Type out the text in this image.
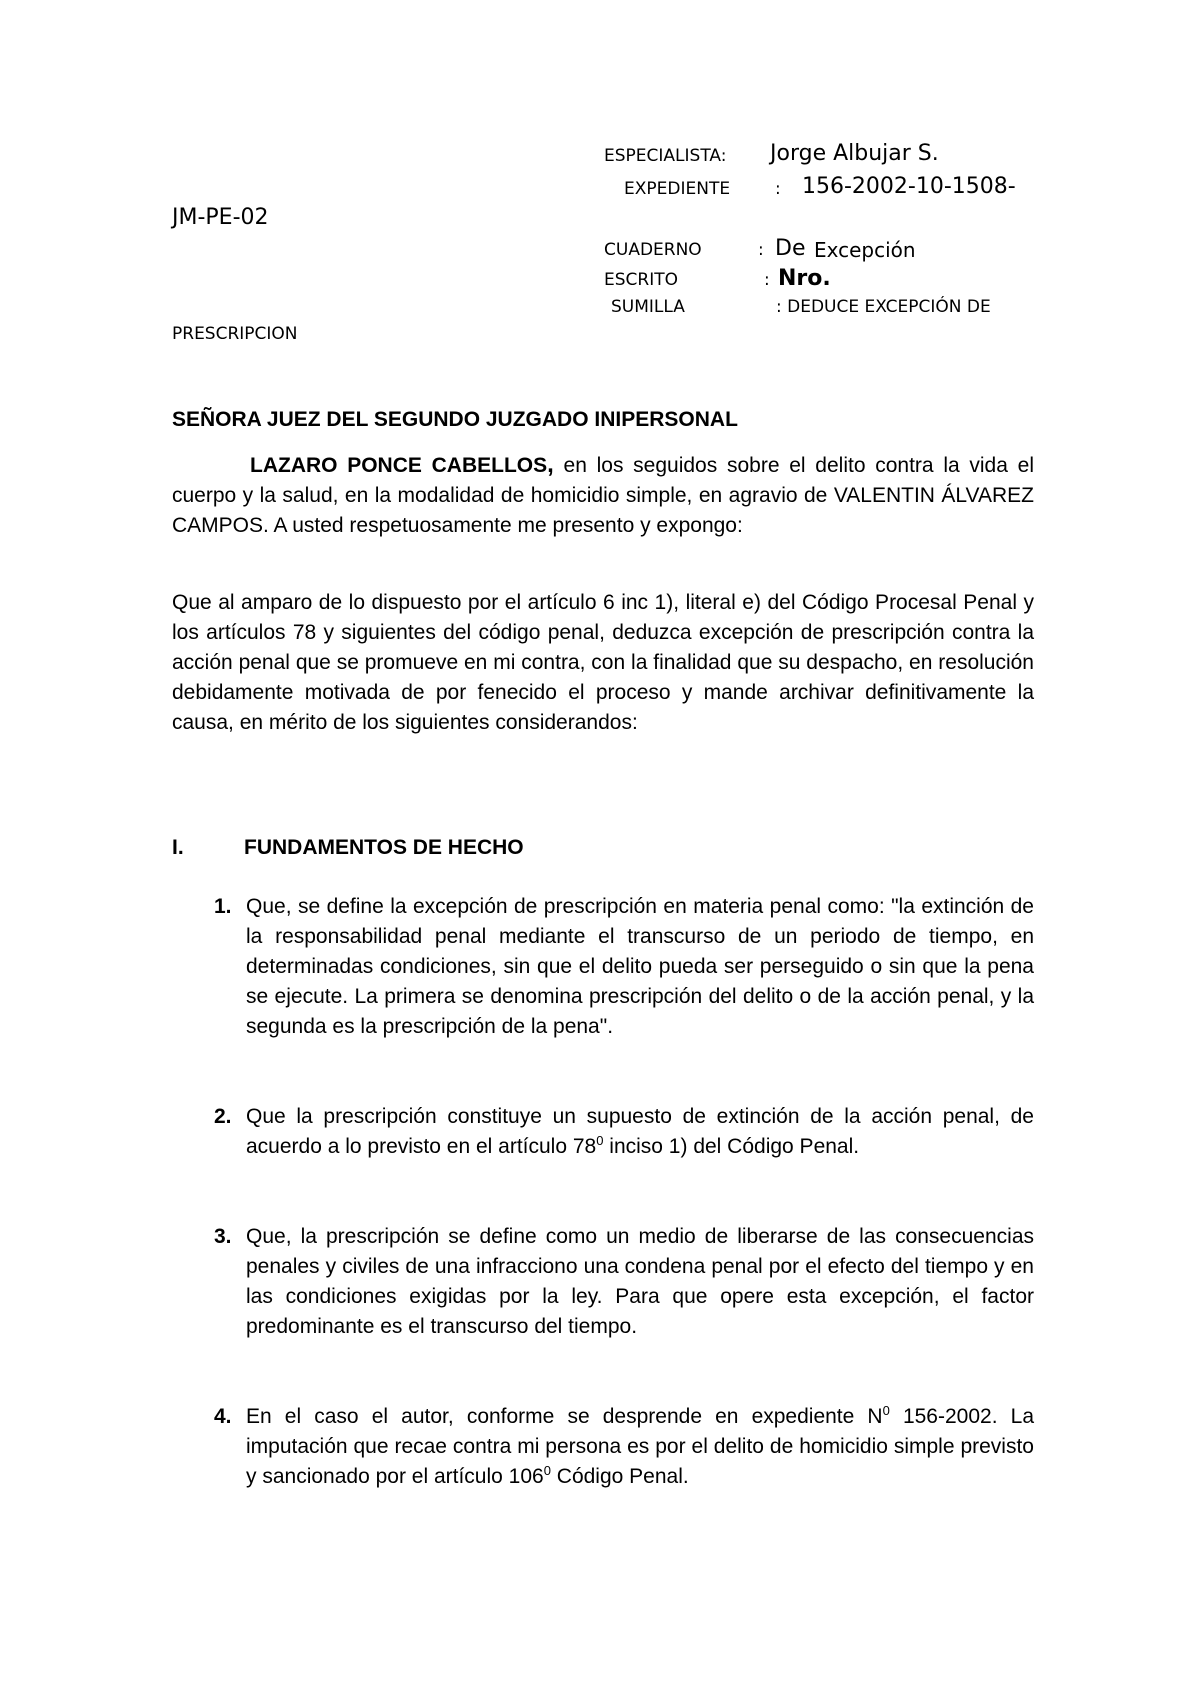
ESPECIALISTA: Jorge Albujar S.
EXPEDIENTE	: 156-2002-10-1508-
JM-PE-02
CUADERNO	: De Excepción
ESCRITO	: Nro.
SUMILLA	: DEDUCE EXCEPCIÓN DE
PRESCRIPCION
SEÑORA JUEZ DEL SEGUNDO JUZGADO INIPERSONAL
LAZARO PONCE CABELLOS, en los seguidos sobre el delito contra la vida el cuerpo y la salud, en la modalidad de homicidio simple, en agravio de VALENTIN ÁLVAREZ CAMPOS. A usted respetuosamente me presento y expongo:
Que al amparo de lo dispuesto por el artículo 6 inc 1), literal e) del Código Procesal Penal y los artículos 78 y siguientes del código penal, deduzca excepción de prescripción contra la acción penal que se promueve en mi contra, con la finalidad que su despacho, en resolución debidamente motivada de por fenecido el proceso y mande archivar definitivamente la causa, en mérito de los siguientes considerandos:
I.	FUNDAMENTOS DE HECHO
1. Que, se define la excepción de prescripción en materia penal como: "la extinción de la responsabilidad penal mediante el transcurso de un periodo de tiempo, en determinadas condiciones, sin que el delito pueda ser perseguido o sin que la pena se ejecute. La primera se denomina prescripción del delito o de la acción penal, y la segunda es la prescripción de la pena".
2. Que la prescripción constituye un supuesto de extinción de la acción penal, de acuerdo a lo previsto en el artículo $78^0$ inciso 1) del Código Penal.
3. Que, la prescripción se define como un medio de liberarse de las consecuencias penales y civiles de una infracciono una condena penal por el efecto del tiempo y en las condiciones exigidas por la ley. Para que opere esta excepción, el factor predominante es el transcurso del tiempo.
4. En el caso el autor, conforme se desprende en expediente $N^0$ 156-2002. La imputación que recae contra mi persona es por el delito de homicidio simple previsto y sancionado por el artículo $106^0$ Código Penal.
